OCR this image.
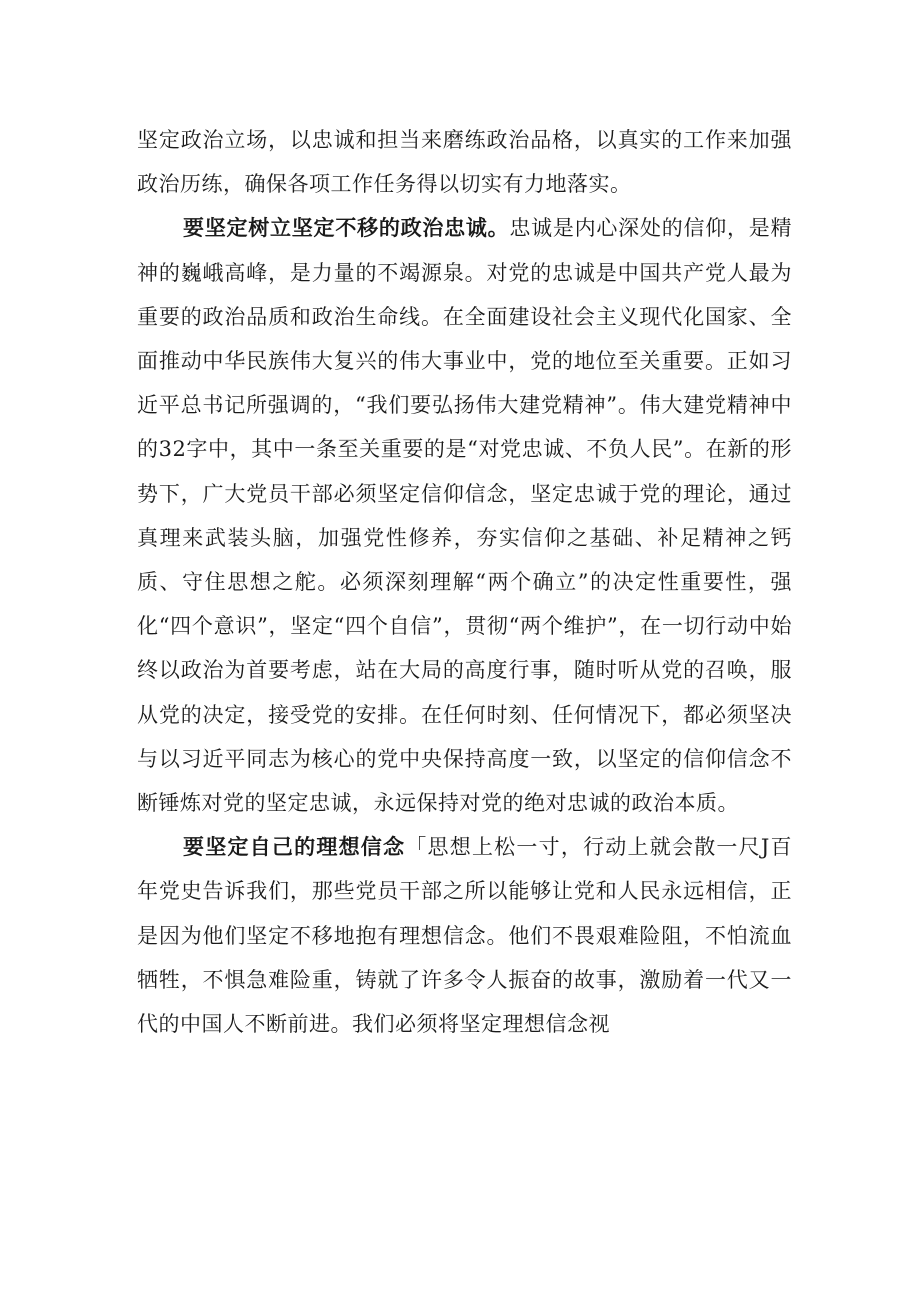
坚定政治立场，以忠诚和担当来磨练政治品格，以真实的工作来加强政治历练，确保各项工作任务得以切实有力地落实。

要坚定树立坚定不移的政治忠诚。忠诚是内心深处的信仰，是精神的巍峨高峰，是力量的不竭源泉。对党的忠诚是中国共产党人最为重要的政治品质和政治生命线。在全面建设社会主义现代化国家、全面推动中华民族伟大复兴的伟大事业中，党的地位至关重要。正如习近平总书记所强调的，“我们要弘扬伟大建党精神”。伟大建党精神中的32字中，其中一条至关重要的是“对党忠诚、不负人民”。在新的形势下，广大党员干部必须坚定信仰信念，坚定忠诚于党的理论，通过真理来武装头脑，加强党性修养，夯实信仰之基础、补足精神之钙质、守住思想之舵。必须深刻理解“两个确立”的决定性重要性，强化“四个意识”，坚定“四个自信”，贯彻“两个维护”，在一切行动中始终以政治为首要考虑，站在大局的高度行事，随时听从党的召唤，服从党的决定，接受党的安排。在任何时刻、任何情况下，都必须坚决与以习近平同志为核心的党中央保持高度一致，以坚定的信仰信念不断锤炼对党的坚定忠诚，永远保持对党的绝对忠诚的政治本质。

要坚定自己的理想信念「思想上松一寸，行动上就会散一尺J百年党史告诉我们，那些党员干部之所以能够让党和人民永远相信，正是因为他们坚定不移地抱有理想信念。他们不畏艰难险阻，不怕流血牺牲，不惧急难险重，铸就了许多令人振奋的故事，激励着一代又一代的中国人不断前进。我们必须将坚定理想信念视
